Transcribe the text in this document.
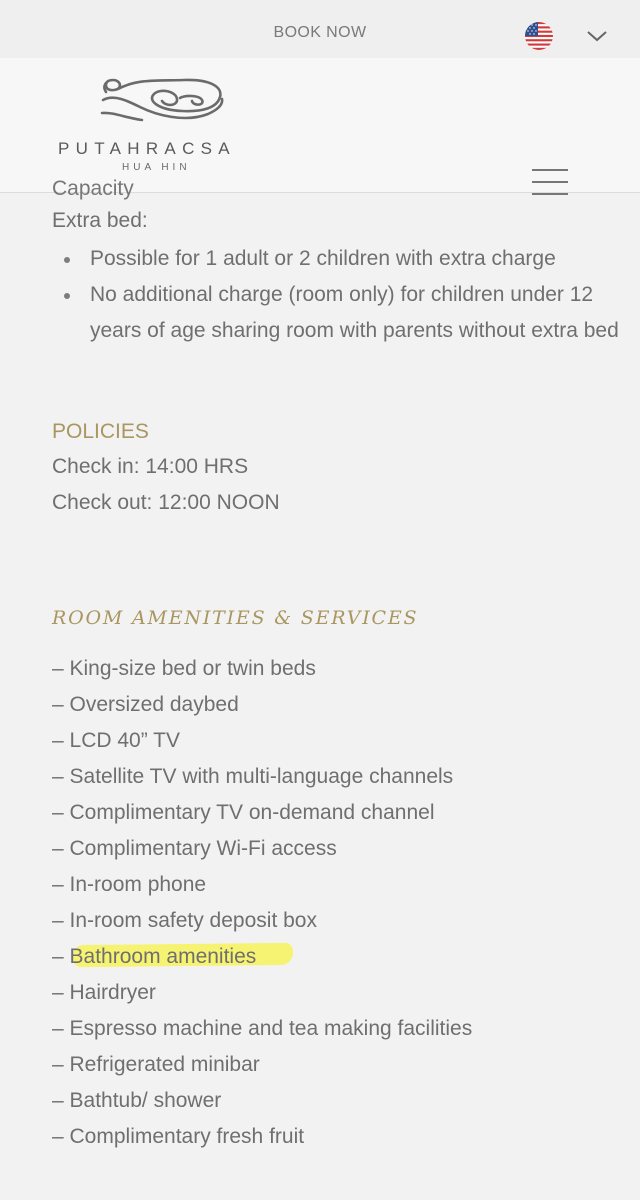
BOOK NOW
PUTAHRACSA
HUA HIN
Capacity
Extra bed:
Possible for 1 adult or 2 children with extra charge
No additional charge (room only) for children under 12 years of age sharing room with parents without extra bed
POLICIES
Check in: 14:00 HRS
Check out: 12:00 NOON
ROOM AMENITIES & SERVICES
– King-size bed or twin beds
– Oversized daybed
– LCD 40” TV
– Satellite TV with multi-language channels
– Complimentary TV on-demand channel
– Complimentary Wi-Fi access
– In-room phone
– In-room safety deposit box
– Bathroom amenities
– Hairdryer
– Espresso machine and tea making facilities
– Refrigerated minibar
– Bathtub/ shower
– Complimentary fresh fruit
